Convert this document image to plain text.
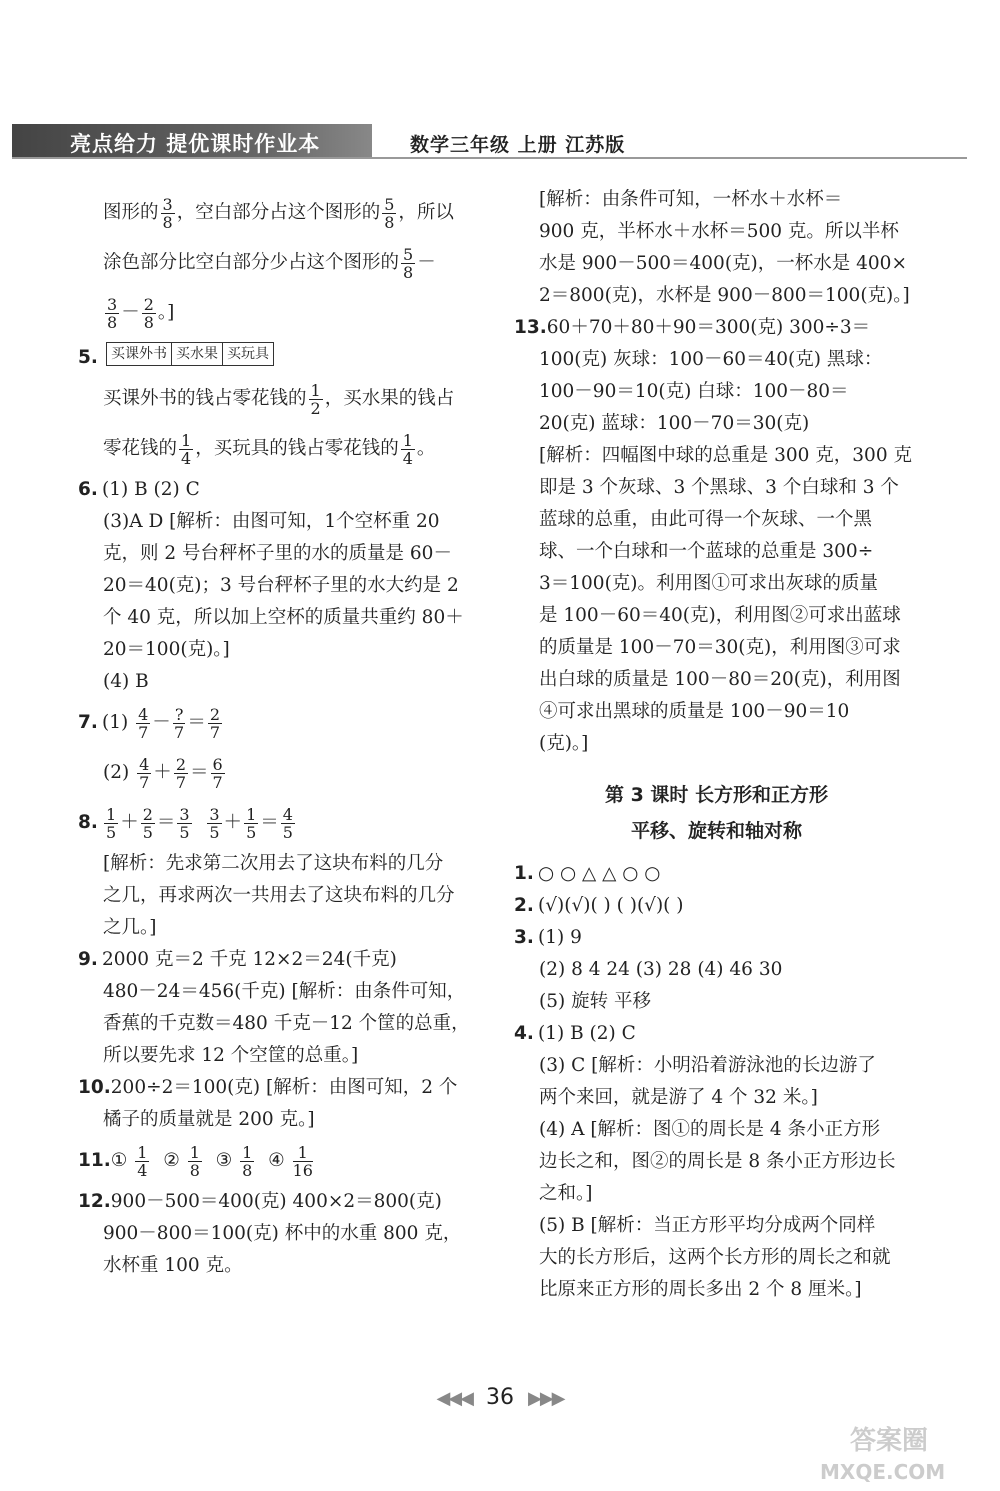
亮点给力 提优课时作业本	数学三年级 上册 江苏版
图形的 $\frac{3}{8}$ ，空白部分占这个图形的 $\frac{5}{8}$ ，所以
涂色部分比空白部分少占这个图形的 $\frac{5}{8}$ －
$\frac{3}{8} - \frac{2}{8}$ 。]
5. 买课外书	买水果	买玩具
买课外书的钱占零花钱的 $\frac{1}{2}$ ，买水果的钱占
零花钱的 $\frac{1}{4}$ ，买玩具的钱占零花钱的 $\frac{1}{4}$ 。
6. (1) B (2) C
(3)A D [解析：由图可知，1个空杯重 20
克，则 2 号台秤杯子里的水的质量是 60－
20＝40(克)；3 号台秤杯子里的水大约是 2
个 40 克，所以加上空杯的质量共重约 80＋
20＝100(克)。]
(4) B
7. $(1) \frac{4}{7}$ － ?
$7 = \frac{2}{7}$
$(2) \frac{4}{7} + \frac{2}{7} = \frac{6}{7}$
8. $\frac{1}{5} + \frac{2}{5} = \frac{3}{5}$
$\frac{3}{5} + \frac{1}{5} = \frac{4}{5}$
[解析：先求第二次用去了这块布料的几分
之几，再求两次一共用去了这块布料的几分
之几。]
9. 2000 克＝2 千克 12×2＝24(千克)
480－24＝456(千克) [解析：由条件可知，
香蕉的千克数＝480 千克－12 个筐的总重，
所以要先求 12 个空筐的总重。]
10.200÷2＝100(克) [解析：由图可知，2 个
橘子的质量就是 200 克。]
11.① $\frac{1}{4}$ ② $\frac{1}{8}$ ③ $\frac{1}{8}$ ④ $\frac{1}{16}$
12.900－500＝400(克) 400×2＝800(克)
900－800＝100(克) 杯中的水重 800 克，
水杯重 100 克。
[解析：由条件可知，一杯水＋水杯＝
900 克，半杯水＋水杯＝500 克。所以半杯
水是 900－500＝400(克)，一杯水是 400×
2＝800(克)，水杯是 900－800＝100(克)。]
13.60＋70＋80＋90＝300(克) 300÷3＝
100(克) 灰球：100－60＝40(克) 黑球：
100－90＝10(克) 白球：100－80＝
20(克) 蓝球：100－70＝30(克)
[解析：四幅图中球的总重是 300 克，300 克
即是 3 个灰球、3 个黑球、3 个白球和 3 个
蓝球的总重，由此可得一个灰球、一个黑
球、一个白球和一个蓝球的总重是 300÷
3＝100(克)。利用图①可求出灰球的质量
是 100－60＝40(克)，利用图②可求出蓝球
的质量是 100－70＝30(克)，利用图③可求
出白球的质量是 100－80＝20(克)，利用图
④可求出黑球的质量是 100－90＝10
(克)。]
第 3 课时 长方形和正方形
平移、旋转和轴对称
1. ○ ○ △ △ ○ ○
2. (√)(√)( ) ( )(√)( )
3. (1) 9
(2) 8 4 24 (3) 28 (4) 46 30
(5) 旋转 平移
4. (1) B (2) C
(3) C [解析：小明沿着游泳池的长边游了
两个来回，就是游了 4 个 32 米。]
(4) A [解析：图①的周长是 4 条小正方形
边长之和，图②的周长是 8 条小正方形边长
之和。]
(5) B [解析：当正方形平均分成两个同样
大的长方形后，这两个长方形的周长之和就
比原来正方形的周长多出 2 个 8 厘米。]
◀◀◀ 36 ▶▶▶
答案圈
MXQE.COM
